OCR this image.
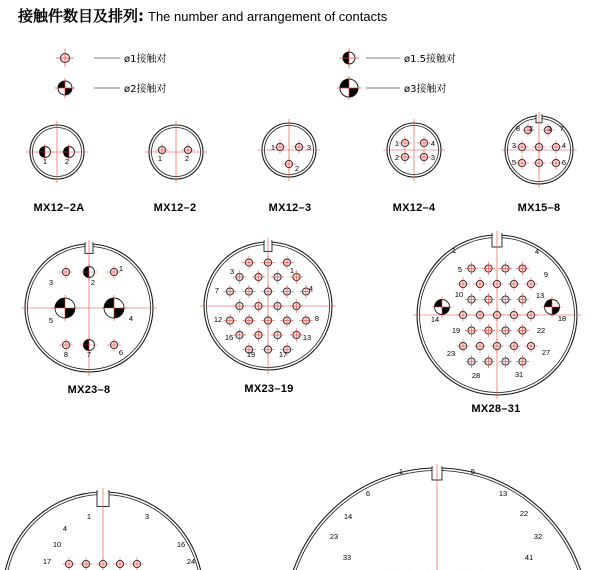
接触件数目及排列: The number and arrangement of contacts
ø1接触对	ø1.5接触对
ø2接触对	ø3接触对
1 2
MX12–2A
1	2
MX12–2
1
2
3
MX12–3
1
2	3
4
MX12–4
1
2
3	4
5	6
7
8
MX15–8
1
2
3
4
5
6
7
8
MX23–8
1
3
4
7
8
12
13
16
17
19
MX23–19
1	4
5
9
10	13
14	18
19	22
23	27
28	31
MX28–31
1	3
4
10	16
17	24
1	5
6	13
14	22
23	32
33	41
